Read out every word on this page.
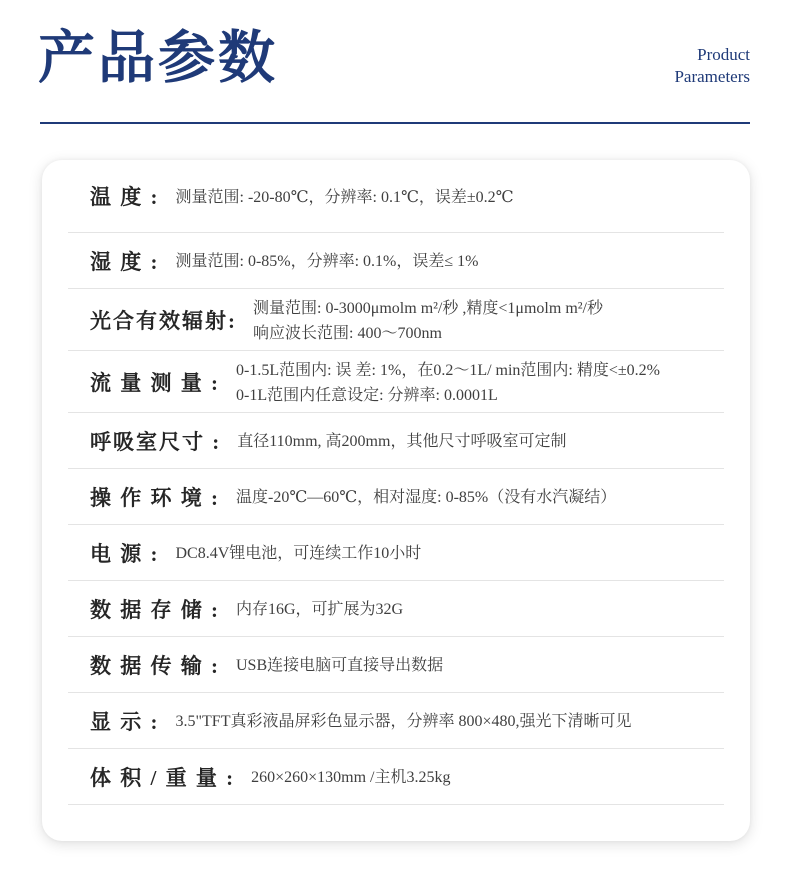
产品参数	Product
Parameters
温 度 : 测量范围: -20-80℃，分辨率: 0.1℃，误差±0.2℃
湿 度 : 测量范围: 0-85%，分辨率: 0.1%，误差≤ 1%
光合有效辐射:
测量范围: 0-3000μmolm m²/秒 ,精度<1μmolm m²/秒
响应波长范围: 400～700nm
流 量 测 量 :
0-1.5L范围内: 误 差: 1%，在0.2～1L/ min范围内: 精度<±0.2%
0-1L范围内任意设定: 分辨率: 0.0001L
呼吸室尺寸 : 直径110mm, 高200mm，其他尺寸呼吸室可定制
操 作 环 境 : 温度-20℃—60℃，相对湿度: 0-85%（没有水汽凝结）
电 源 : DC8.4V锂电池，可连续工作10小时
数 据 存 储 : 内存16G，可扩展为32G
数 据 传 输 : USB连接电脑可直接导出数据
显 示 : 3.5"TFT真彩液晶屏彩色显示器，分辨率 800×480,强光下清晰可见
体 积 / 重 量 : 260×260×130mm /主机3.25kg
